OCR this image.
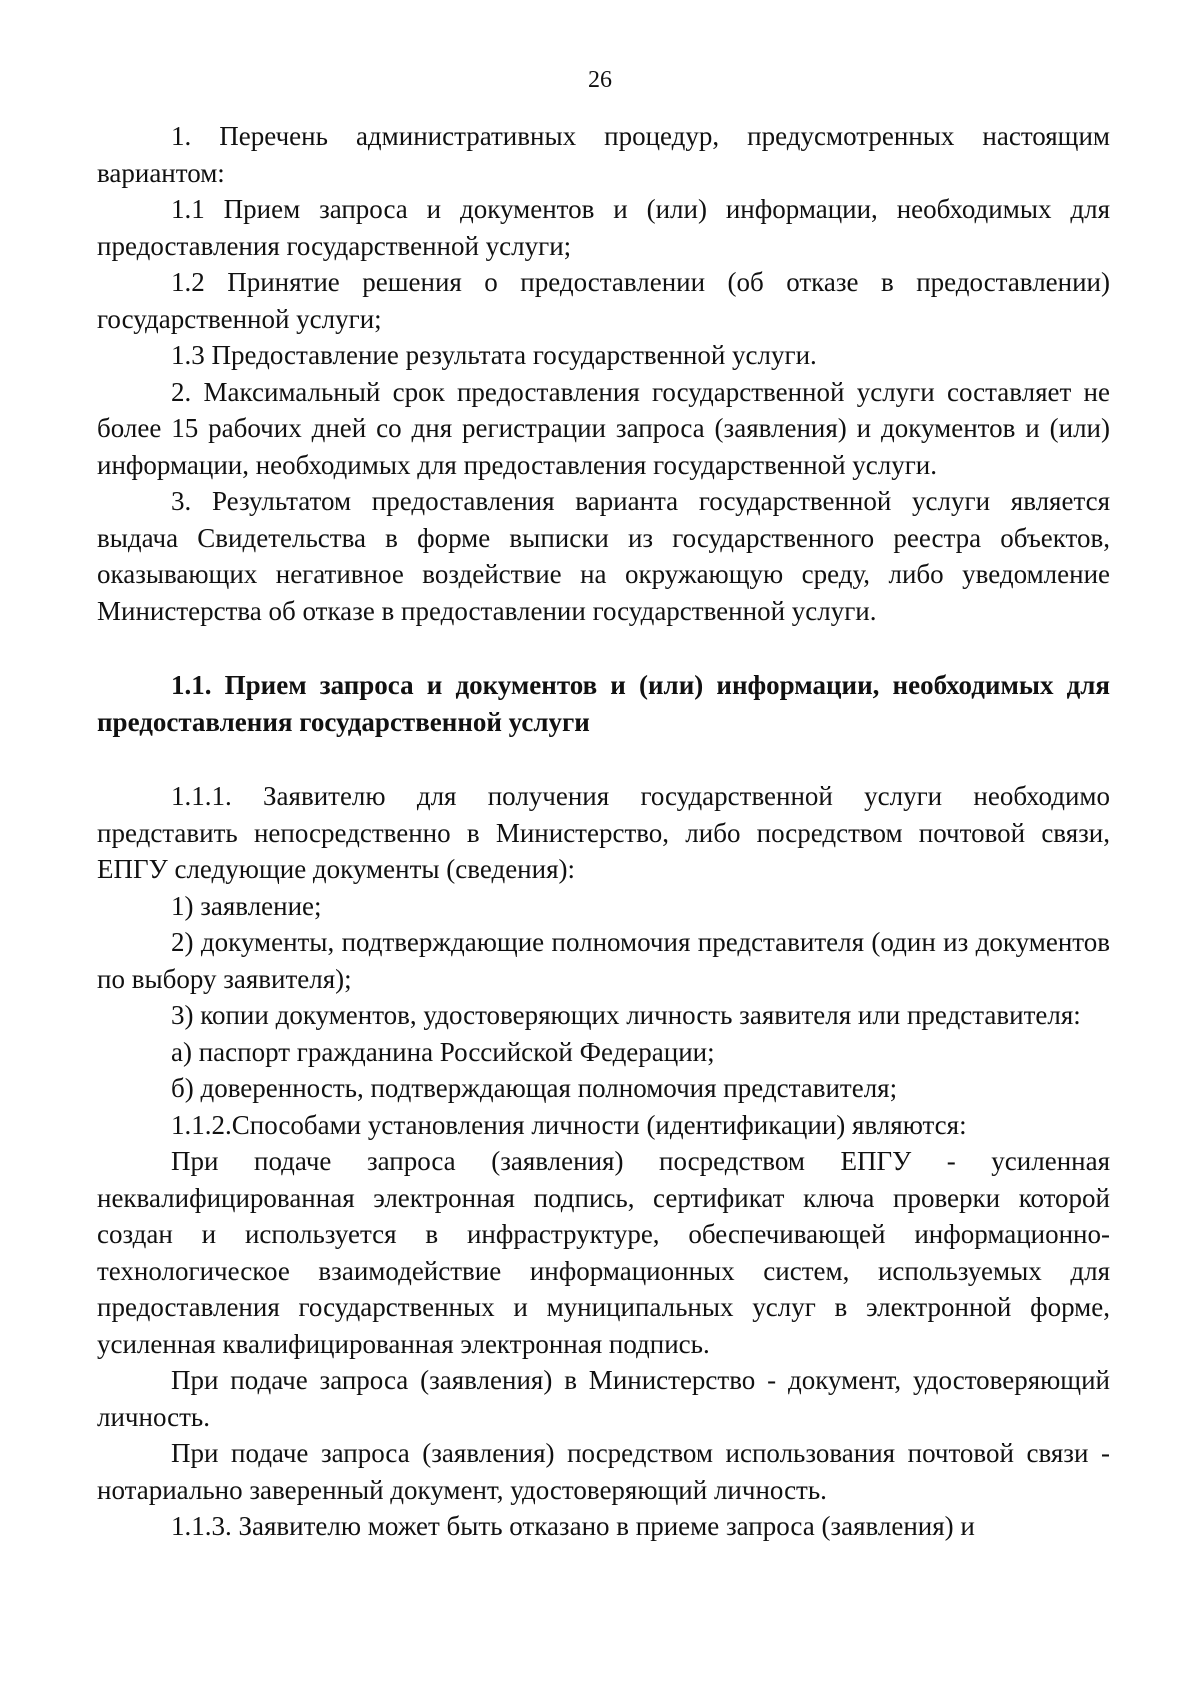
26

1. Перечень административных процедур, предусмотренных настоящим вариантом:

1.1 Прием запроса и документов и (или) информации, необходимых для предоставления государственной услуги;

1.2 Принятие решения о предоставлении (об отказе в предоставлении) государственной услуги;

1.3 Предоставление результата государственной услуги.

2. Максимальный срок предоставления государственной услуги составляет не более 15 рабочих дней со дня регистрации запроса (заявления) и документов и (или) информации, необходимых для предоставления государственной услуги.

3. Результатом предоставления варианта государственной услуги является выдача Свидетельства в форме выписки из государственного реестра объектов, оказывающих негативное воздействие на окружающую среду, либо уведомление Министерства об отказе в предоставлении государственной услуги.

1.1. Прием запроса и документов и (или) информации, необходимых для предоставления государственной услуги

1.1.1. Заявителю для получения государственной услуги необходимо представить непосредственно в Министерство, либо посредством почтовой связи, ЕПГУ следующие документы (сведения):

1) заявление;

2) документы, подтверждающие полномочия представителя (один из документов по выбору заявителя);

3) копии документов, удостоверяющих личность заявителя или представителя:

а) паспорт гражданина Российской Федерации;

б) доверенность, подтверждающая полномочия представителя;

1.1.2.Способами установления личности (идентификации) являются:

При подаче запроса (заявления) посредством ЕПГУ - усиленная неквалифицированная электронная подпись, сертификат ключа проверки которой создан и используется в инфраструктуре, обеспечивающей информационно-технологическое взаимодействие информационных систем, используемых для предоставления государственных и муниципальных услуг в электронной форме, усиленная квалифицированная электронная подпись.

При подаче запроса (заявления) в Министерство - документ, удостоверяющий личность.

При подаче запроса (заявления) посредством использования почтовой связи - нотариально заверенный документ, удостоверяющий личность.

1.1.3. Заявителю может быть отказано в приеме запроса (заявления) и
